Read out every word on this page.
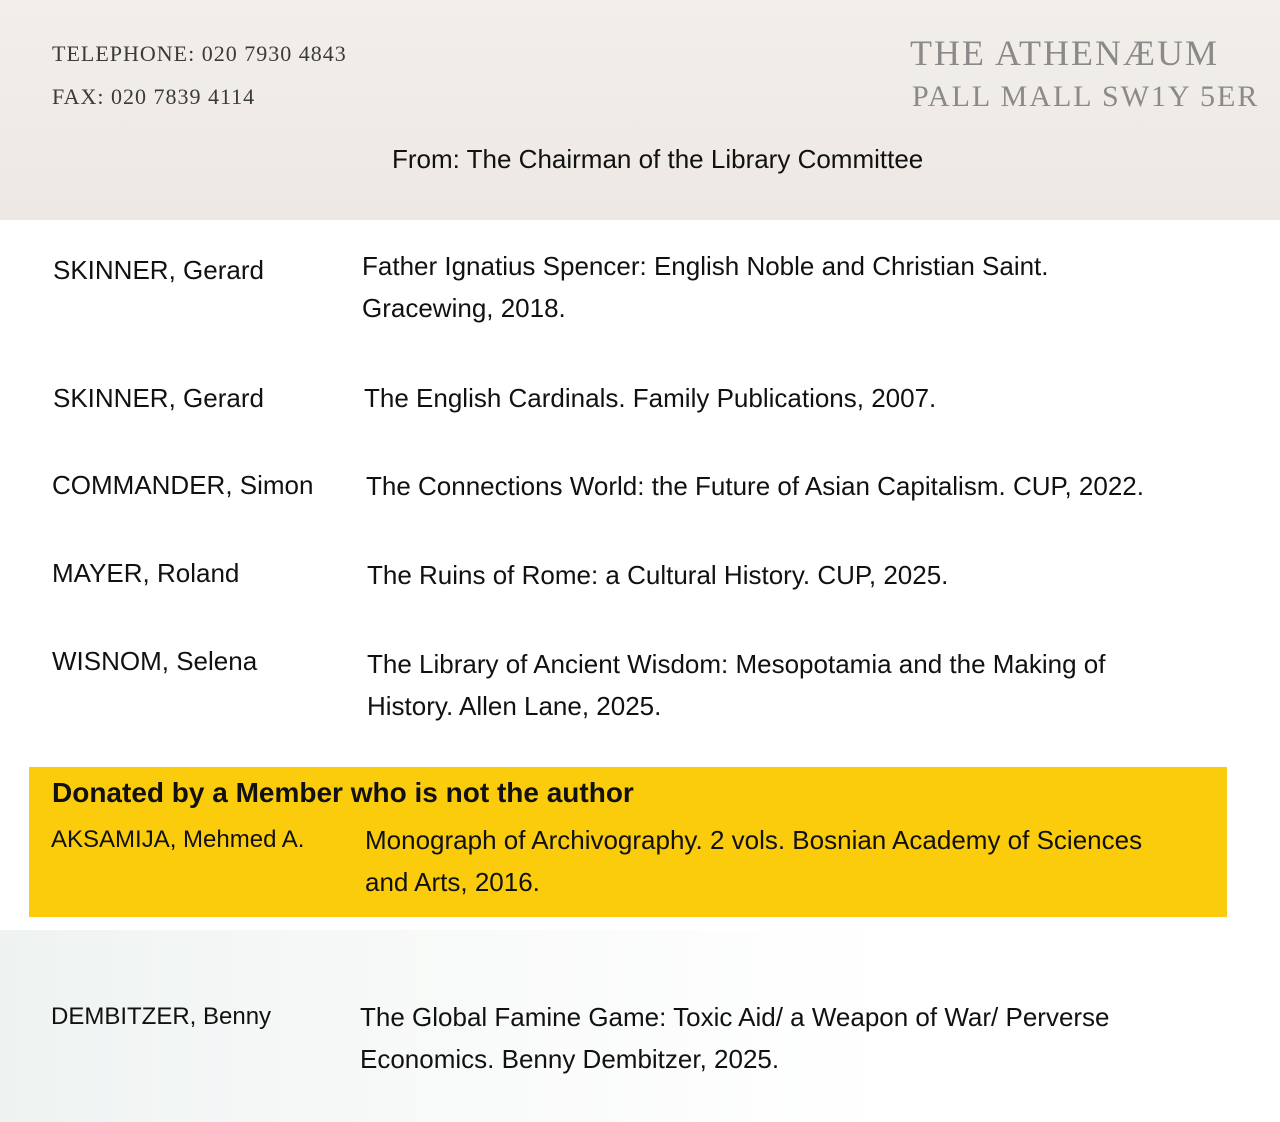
TELEPHONE: 020 7930 4843
FAX: 020 7839 4114
THE ATHENÆUM
PALL MALL SW1Y 5ER
From: The Chairman of the Library Committee
SKINNER, Gerard	Father Ignatius Spencer: English Noble and Christian Saint.
Gracewing, 2018.
SKINNER, Gerard	The English Cardinals. Family Publications, 2007.
COMMANDER, Simon The Connections World: the Future of Asian Capitalism. CUP, 2022.
MAYER, Roland	The Ruins of Rome: a Cultural History. CUP, 2025.
WISNOM, Selena	The Library of Ancient Wisdom: Mesopotamia and the Making of
History. Allen Lane, 2025.
Donated by a Member who is not the author
AKSAMIJA, Mehmed A. Monograph of Archivography. 2 vols. Bosnian Academy of Sciences
and Arts, 2016.
DEMBITZER, Benny	The Global Famine Game: Toxic Aid/ a Weapon of War/ Perverse
Economics. Benny Dembitzer, 2025.
